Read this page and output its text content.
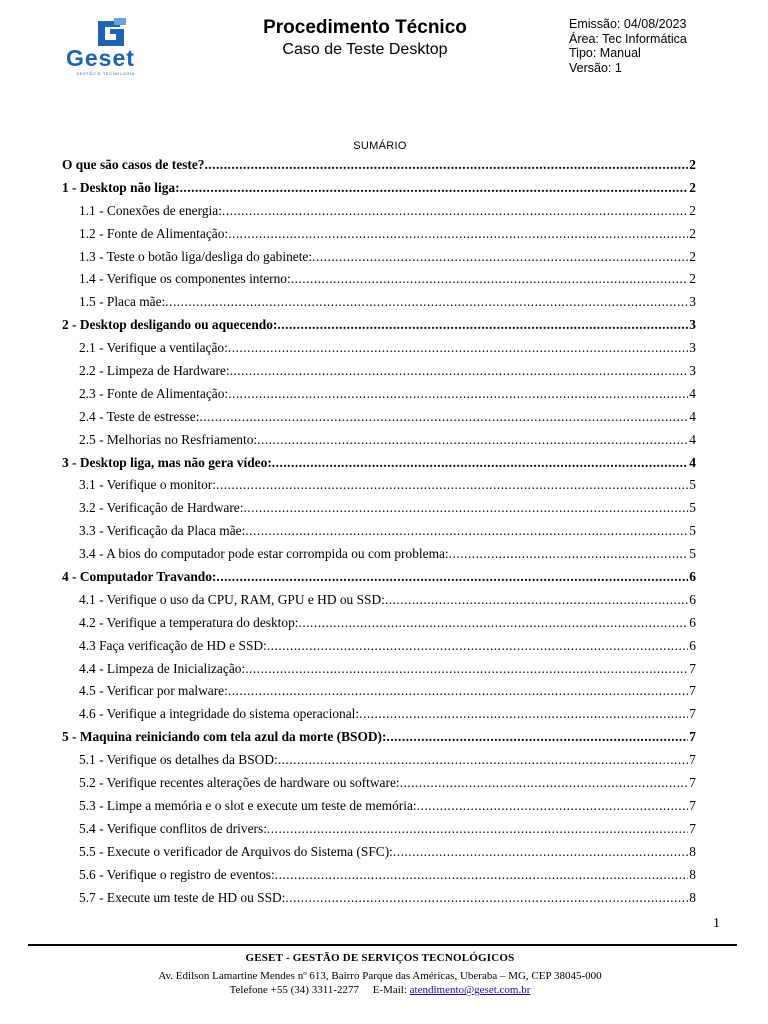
Geset
GESTÃO E TECNOLOGIA
Procedimento Técnico
Caso de Teste Desktop
Emissão: 04/08/2023
Área: Tec Informática
Tipo: Manual
Versão: 1
SUMÁRIO
O que são casos de teste? .....	2
1 - Desktop não liga: .....	2
1.1 - Conexões de energia: .....	2
1.2 - Fonte de Alimentação: .....	2
1.3 - Teste o botão liga/desliga do gabinete: .....	2
1.4 - Verifique os componentes interno: .....	2
1.5 - Placa mãe: .....	3
2 - Desktop desligando ou aquecendo: .....	3
2.1 - Verifique a ventilação: .....	3
2.2 - Limpeza de Hardware: .....	3
2.3 - Fonte de Alimentação: .....	4
2.4 - Teste de estresse: .....	4
2.5 - Melhorias no Resfriamento: .....	4
3 - Desktop liga, mas não gera vídeo: .....	4
3.1 - Verifique o monitor: .....	5
3.2 - Verificação de Hardware: .....	5
3.3 - Verificação da Placa mãe: .....	5
3.4 - A bios do computador pode estar corrompida ou com problema: .....	5
4 - Computador Travando: .....	6
4.1 - Verifique o uso da CPU, RAM, GPU e HD ou SSD: .....	6
4.2 - Verifique a temperatura do desktop: .....	6
4.3 Faça verificação de HD e SSD: .....	6
4.4 - Limpeza de Inicialização: .....	7
4.5 - Verificar por malware: .....	7
4.6 - Verifique a integridade do sistema operacional: .....	7
5 - Maquina reiniciando com tela azul da morte (BSOD): .....	7
5.1 - Verifique os detalhes da BSOD: .....	7
5.2 - Verifique recentes alterações de hardware ou software: .....	7
5.3 - Limpe a memória e o slot e execute um teste de memória: .....	7
5.4 - Verifique conflitos de drivers: .....	7
5.5 - Execute o verificador de Arquivos do Sistema (SFC): .....	8
5.6 - Verifique o registro de eventos: .....	8
5.7 - Execute um teste de HD ou SSD: .....	8
1
GESET - GESTÃO DE SERVIÇOS TECNOLÓGICOS
Av. Edilson Lamartine Mendes nº 613, Bairro Parque das Américas, Uberaba – MG, CEP 38045-000
Telefone +55 (34) 3311-2277 E-Mail: atendimento@geset.com.br
